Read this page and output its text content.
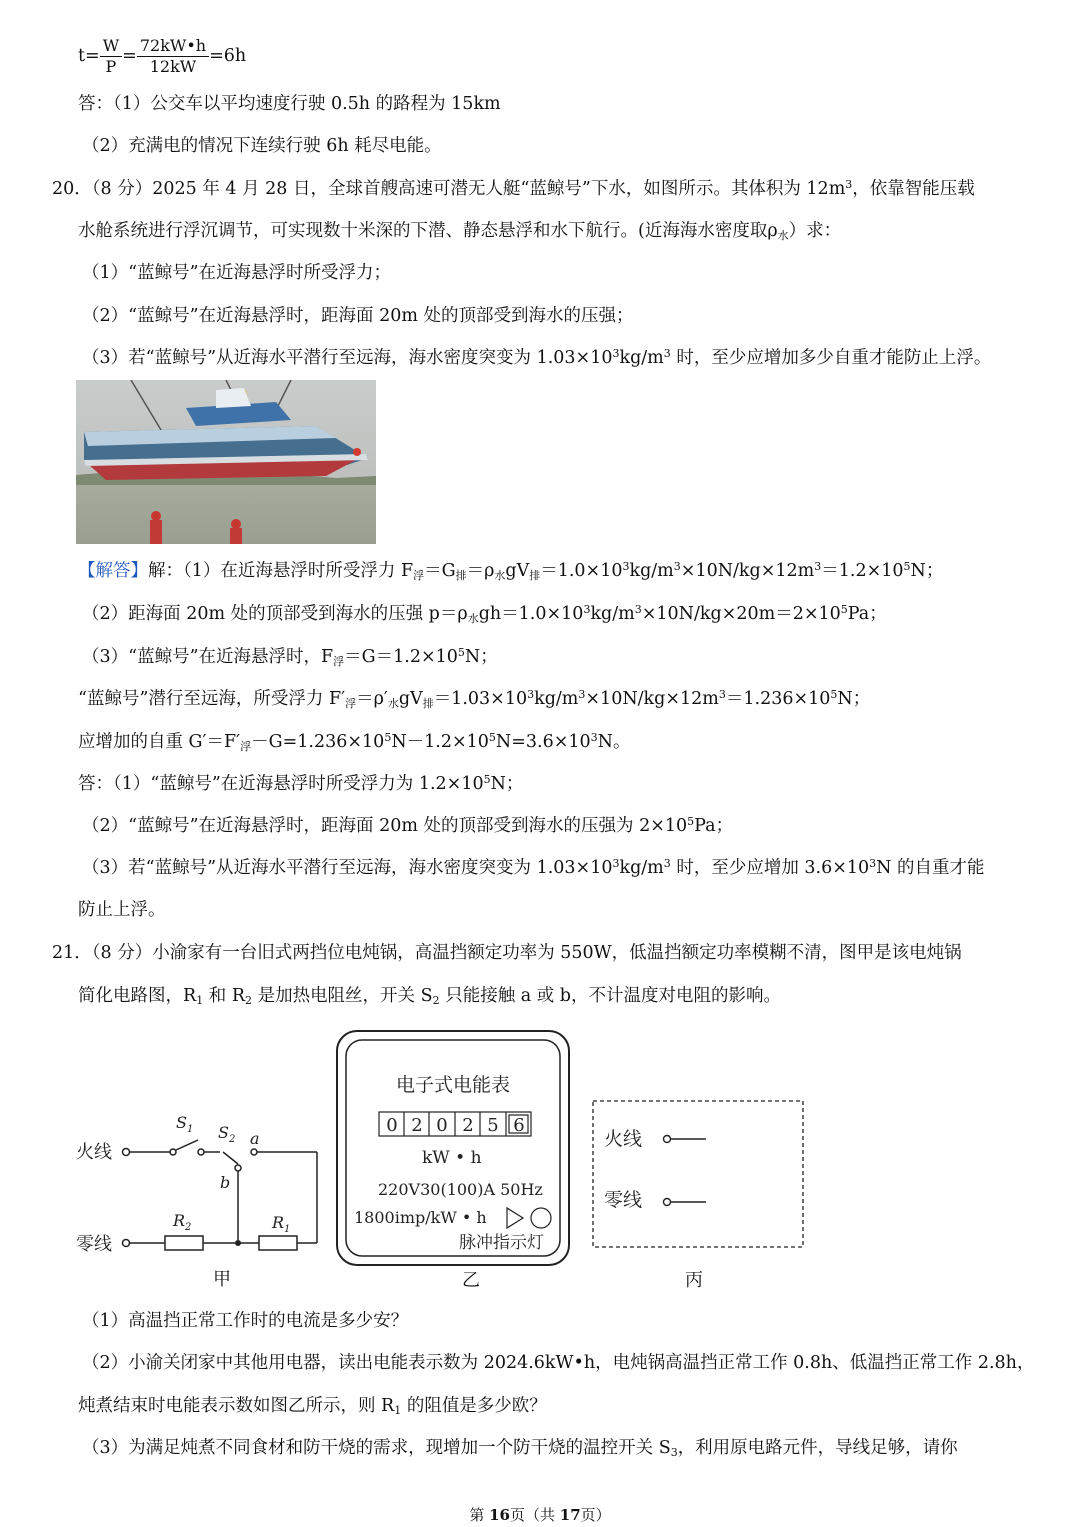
$t= \frac{W}{P} = \frac{72kW•h}{12kW} =6h$
答：（1）公交车以平均速度行驶 0.5h 的路程为 15km
（2）充满电的情况下连续行驶 6h 耗尽电能。
20．（8 分）2025 年 4 月 28 日，全球首艘高速可潜无人艇“蓝鲸号”下水，如图所示。其体积为 $12m^3$，依靠智能压载
水舱系统进行浮沉调节，可实现数十米深的下潜、静态悬浮和水下航行。(近海海水密度取$\rho_水$）求：
（1）“蓝鲸号”在近海悬浮时所受浮力；
（2）“蓝鲸号”在近海悬浮时，距海面 20m 处的顶部受到海水的压强；
（3）若“蓝鲸号”从近海水平潜行至远海，海水密度突变为 $1.03\times 10^3kg/m^3$ 时，至少应增加多少自重才能防止上浮。
【解答】解：（1）在近海悬浮时所受浮力 $F_浮=G_排=\rho_水gV_排=1.0\times 10^3kg/m^3\times 10N/kg\times 12m^3=1.2\times 10^5N$；
（2）距海面 20m 处的顶部受到海水的压强 $p=\rho_水gh=1.0\times 10^3kg/m^3\times 10N/kg\times 20m=2\times 10^5Pa$；
（3）“蓝鲸号”在近海悬浮时，$F_浮=G=1.2\times 10^5N$；
“蓝鲸号”潜行至远海，所受浮力 $F'_浮=\rho'_水gV_排=1.03\times 10^3kg/m^3\times 10N/kg\times 12m^3=1.236\times 10^5N$；
应增加的自重 $G'=F'_浮-G=1.236\times 10^5N-1.2\times 10^5N=3.6\times 10^3N$。
答：（1）“蓝鲸号”在近海悬浮时所受浮力为 $1.2\times 10^5N$；
（2）“蓝鲸号”在近海悬浮时，距海面 20m 处的顶部受到海水的压强为 $2\times 10^5Pa$；
（3）若“蓝鲸号”从近海水平潜行至远海，海水密度突变为 $1.03\times 10^3kg/m^3$ 时，至少应增加 $3.6\times 10^3N$ 的自重才能
防止上浮。
21．（8 分）小渝家有一台旧式两挡位电炖锅，高温挡额定功率为 550W，低温挡额定功率模糊不清，图甲是该电炖锅
简化电路图，$R_1$ 和 $R_2$ 是加热电阻丝，开关 $S_2$ 只能接触 a 或 b，不计温度对电阻的影响。
火线
零线
$S_1$ $S_2$ a
b
$R_2$	$R_1$
甲
电子式电能表
0 2 0 2 5 6
kW • h
220V30(100)A 50Hz
1800imp/kW • h
脉冲指示灯
乙
火线
零线
丙
（1）高温挡正常工作时的电流是多少安？
（2）小渝关闭家中其他用电器，读出电能表示数为 2024.6kW•h，电炖锅高温挡正常工作 0.8h、低温挡正常工作 2.8h，
炖煮结束时电能表示数如图乙所示，则 $R_1$ 的阻值是多少欧？
（3）为满足炖煮不同食材和防干烧的需求，现增加一个防干烧的温控开关 $S_3$，利用原电路元件，导线足够，请你
第 16页（共 17页）
